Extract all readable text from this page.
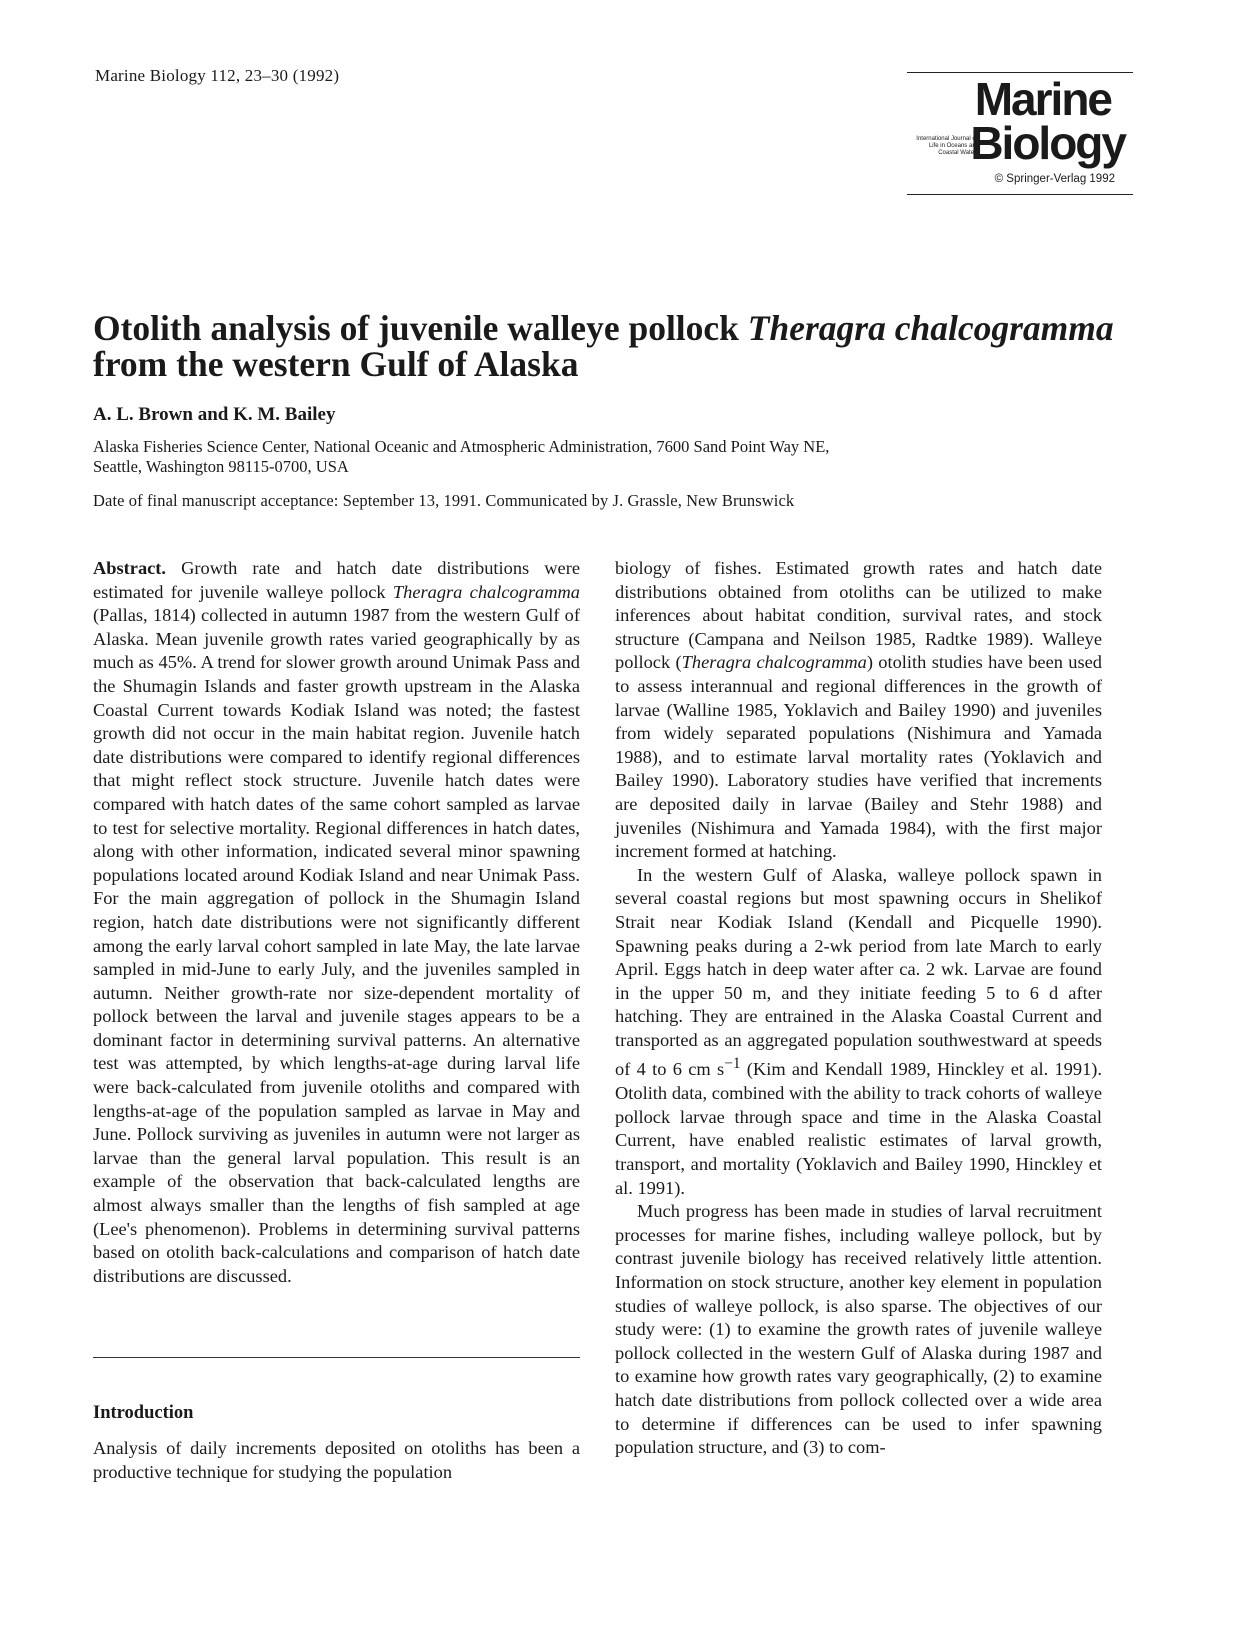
Marine Biology 112, 23–30 (1992)	Marine
International Journal on Life in Oceans and Coastal Waters
Biology
© Springer-Verlag 1992
Otolith analysis of juvenile walleye pollock Theragra chalcogramma
from the western Gulf of Alaska
A. L. Brown and K. M. Bailey
Alaska Fisheries Science Center, National Oceanic and Atmospheric Administration, 7600 Sand Point Way NE,
Seattle, Washington 98115-0700, USA
Date of final manuscript acceptance: September 13, 1991. Communicated by J. Grassle, New Brunswick

Abstract. Growth rate and hatch date distributions were estimated for juvenile walleye pollock Theragra chalcogramma (Pallas, 1814) collected in autumn 1987 from the western Gulf of Alaska. Mean juvenile growth rates varied geographically by as much as 45%. A trend for slower growth around Unimak Pass and the Shumagin Islands and faster growth upstream in the Alaska Coastal Current towards Kodiak Island was noted; the fastest growth did not occur in the main habitat region. Juvenile hatch date distributions were compared to identify regional differences that might reflect stock structure. Juvenile hatch dates were compared with hatch dates of the same cohort sampled as larvae to test for selective mortality. Regional differences in hatch dates, along with other information, indicated several minor spawning populations located around Kodiak Island and near Unimak Pass. For the main aggregation of pollock in the Shumagin Island region, hatch date distributions were not significantly different among the early larval cohort sampled in late May, the late larvae sampled in mid-June to early July, and the juveniles sampled in autumn. Neither growth-rate nor size-dependent mortality of pollock between the larval and juvenile stages appears to be a dominant factor in determining survival patterns. An alternative test was attempted, by which lengths-at-age during larval life were back-calculated from juvenile otoliths and compared with lengths-at-age of the population sampled as larvae in May and June. Pollock surviving as juveniles in autumn were not larger as larvae than the general larval population. This result is an example of the observation that back-calculated lengths are almost always smaller than the lengths of fish sampled at age (Lee's phenomenon). Problems in determining survival patterns based on otolith back-calculations and comparison of hatch date distributions are discussed.

Introduction

Analysis of daily increments deposited on otoliths has been a productive technique for studying the population

biology of fishes. Estimated growth rates and hatch date distributions obtained from otoliths can be utilized to make inferences about habitat condition, survival rates, and stock structure (Campana and Neilson 1985, Radtke 1989). Walleye pollock (Theragra chalcogramma) otolith studies have been used to assess interannual and regional differences in the growth of larvae (Walline 1985, Yoklavich and Bailey 1990) and juveniles from widely separated populations (Nishimura and Yamada 1988), and to estimate larval mortality rates (Yoklavich and Bailey 1990). Laboratory studies have verified that increments are deposited daily in larvae (Bailey and Stehr 1988) and juveniles (Nishimura and Yamada 1984), with the first major increment formed at hatching.

In the western Gulf of Alaska, walleye pollock spawn in several coastal regions but most spawning occurs in Shelikof Strait near Kodiak Island (Kendall and Picquelle 1990). Spawning peaks during a 2-wk period from late March to early April. Eggs hatch in deep water after ca. 2 wk. Larvae are found in the upper 50 m, and they initiate feeding 5 to 6 d after hatching. They are entrained in the Alaska Coastal Current and transported as an aggregated population southwestward at speeds of 4 to 6 cm $s^{-1}$ (Kim and Kendall 1989, Hinckley et al. 1991). Otolith data, combined with the ability to track cohorts of walleye pollock larvae through space and time in the Alaska Coastal Current, have enabled realistic estimates of larval growth, transport, and mortality (Yoklavich and Bailey 1990, Hinckley et al. 1991).

Much progress has been made in studies of larval recruitment processes for marine fishes, including walleye pollock, but by contrast juvenile biology has received relatively little attention. Information on stock structure, another key element in population studies of walleye pollock, is also sparse. The objectives of our study were: (1) to examine the growth rates of juvenile walleye pollock collected in the western Gulf of Alaska during 1987 and to examine how growth rates vary geographically, (2) to examine hatch date distributions from pollock collected over a wide area to determine if differences can be used to infer spawning population structure, and (3) to com-
